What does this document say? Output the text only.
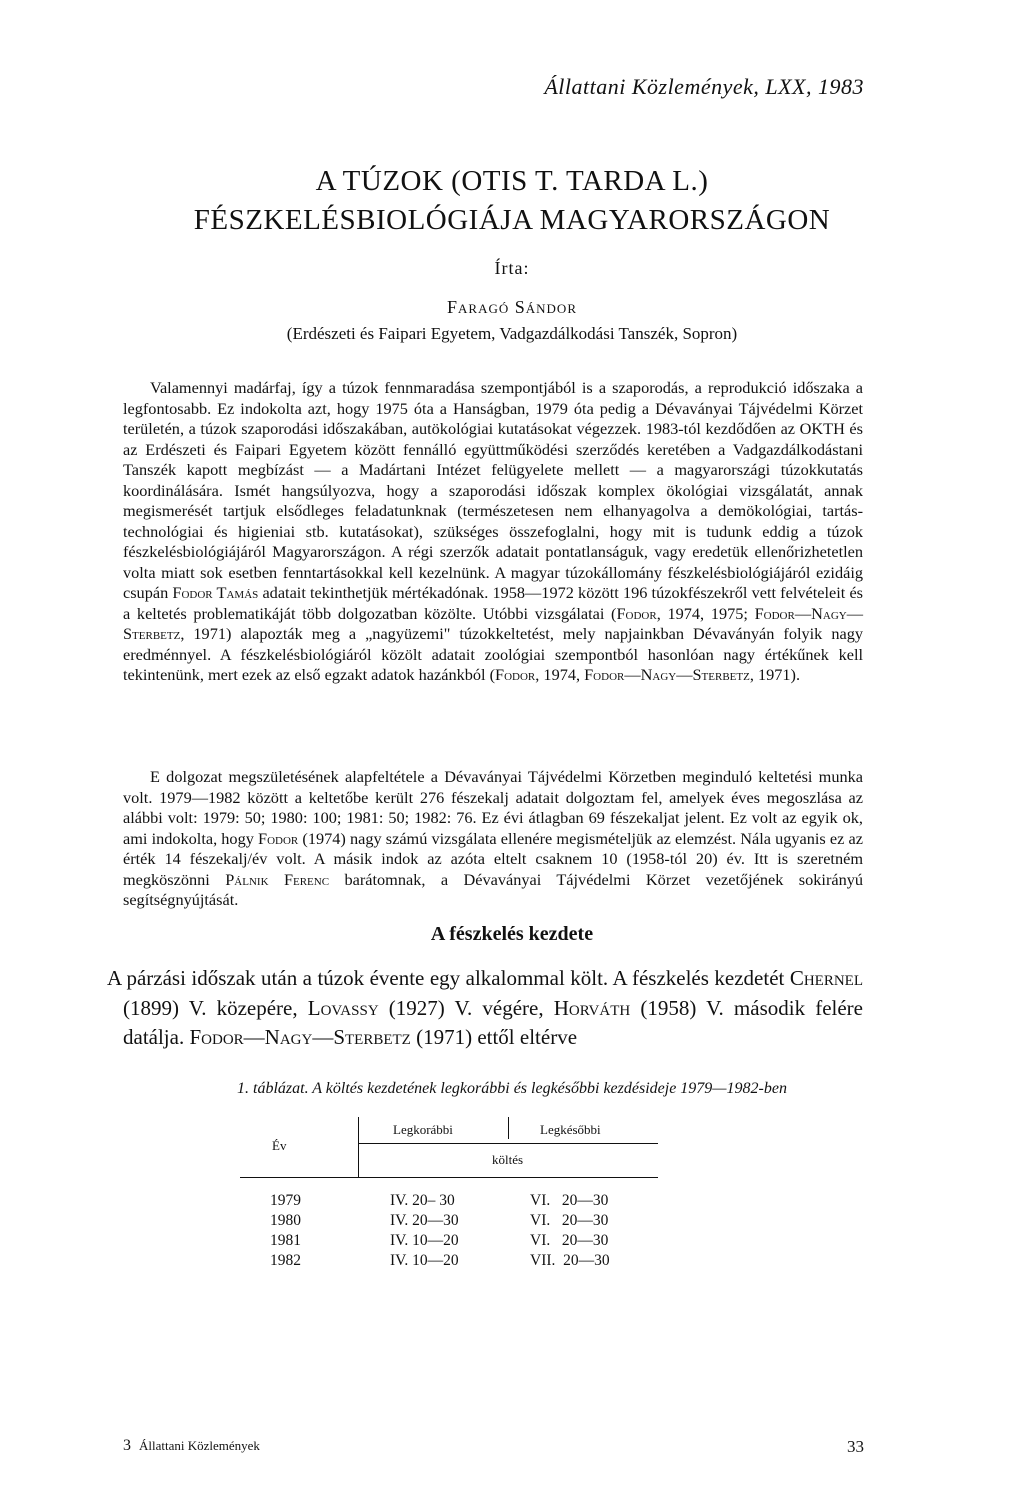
Állattani Közlemények, LXX, 1983
A TÚZOK (OTIS T. TARDA L.)
FÉSZKELÉSBIOLÓGIÁJA MAGYARORSZÁGON
Írta:
Faragó Sándor
(Erdészeti és Faipari Egyetem, Vadgazdálkodási Tanszék, Sopron)
Valamennyi madárfaj, így a túzok fennmaradása szempontjából is a szaporodás, a reprodukció időszaka a legfontosabb. Ez indokolta azt, hogy 1975 óta a Hanságban, 1979 óta pedig a Dévaványai Tájvédelmi Körzet területén, a túzok szaporodási időszakában, autökológiai kutatásokat végezzek. 1983-tól kezdődően az OKTH és az Erdészeti és Faipari Egyetem között fennálló együttműködési szerződés keretében a Vadgazdálkodástani Tanszék kapott megbízást — a Madártani Intézet felügyelete mellett — a magyarországi túzokkutatás koordinálására. Ismét hangsúlyozva, hogy a szaporodási időszak komplex ökológiai vizsgálatát, annak megismerését tartjuk elsődleges feladatunknak (természetesen nem elhanyagolva a demökológiai, tartás-technológiai és higieniai stb. kutatásokat), szükséges összefoglalni, hogy mit is tudunk eddig a túzok fészkelésbiológiájáról Magyarországon. A régi szerzők adatait pontatlanságuk, vagy eredetük ellenőrizhetetlen volta miatt sok esetben fenntartásokkal kell kezelnünk. A magyar túzokállomány fészkelésbiológiájáról ezidáig csupán Fodor Tamás adatait tekinthetjük mértékadónak. 1958—1972 között 196 túzokfészekről vett felvételeit és a keltetés problematikáját több dolgozatban közölte. Utóbbi vizsgálatai (Fodor, 1974, 1975; Fodor—Nagy—Sterbetz, 1971) alapozták meg a „nagyüzemi" túzokkeltetést, mely napjainkban Dévaványán folyik nagy eredménnyel. A fészkelésbiológiáról közölt adatait zoológiai szempontból hasonlóan nagy értékűnek kell tekintenünk, mert ezek az első egzakt adatok hazánkból (Fodor, 1974, Fodor—Nagy—Sterbetz, 1971).
E dolgozat megszületésének alapfeltétele a Dévaványai Tájvédelmi Körzetben meginduló keltetési munka volt. 1979—1982 között a keltetőbe került 276 fészekalj adatait dolgoztam fel, amelyek éves megoszlása az alábbi volt: 1979: 50; 1980: 100; 1981: 50; 1982: 76. Ez évi átlagban 69 fészekaljat jelent. Ez volt az egyik ok, ami indokolta, hogy Fodor (1974) nagy számú vizsgálata ellenére megismételjük az elemzést. Nála ugyanis ez az érték 14 fészekalj/év volt. A másik indok az azóta eltelt csaknem 10 (1958-tól 20) év. Itt is szeretném megköszönni Pálnik Ferenc barátomnak, a Dévaványai Tájvédelmi Körzet vezetőjének sokirányú segítségnyújtását.
A fészkelés kezdete
A párzási időszak után a túzok évente egy alkalommal költ. A fészkelés kezdetét Chernel (1899) V. közepére, Lovassy (1927) V. végére, Horváth (1958) V. második felére datálja. Fodor—Nagy—Sterbetz (1971) ettől eltérve
1. táblázat. A költés kezdetének legkorábbi és legkésőbbi kezdésideje 1979—1982-ben
Év
Legkorábbi	Legkésőbbi
költés
1979	IV. 20– 30	VI.   20—30
1980	IV. 20—30	VI.   20—30
1981	IV. 10—20	VI.   20—30
1982	IV. 10—20	VII.  20—30
3 Állattani Közlemények	33
